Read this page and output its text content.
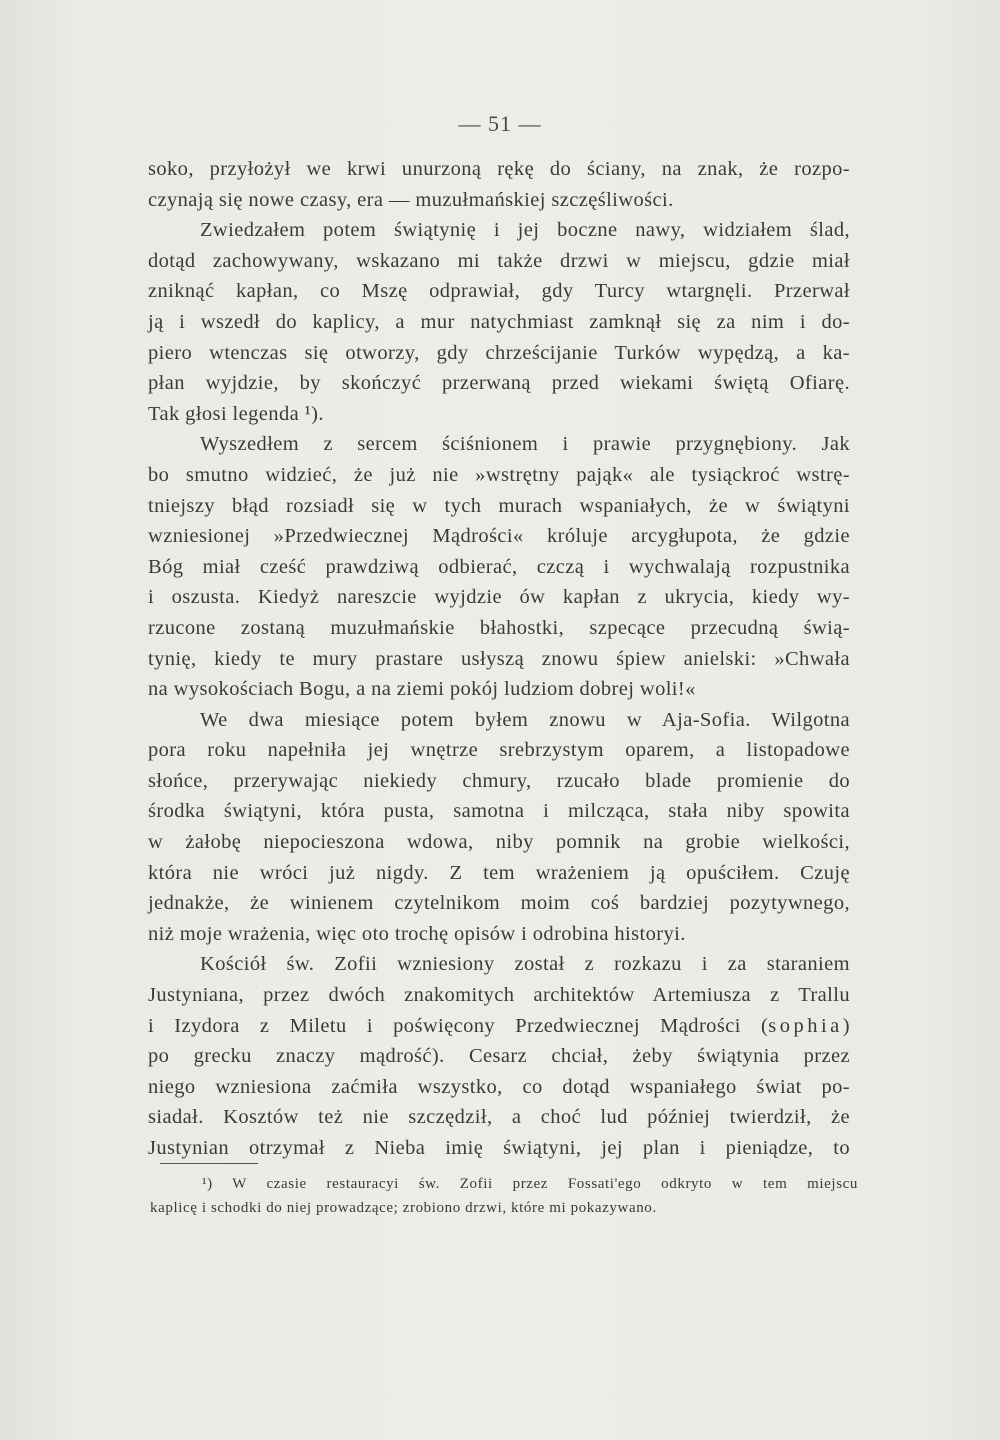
— 51 —
soko, przyłożył we krwi unurzoną rękę do ściany, na znak, że rozpo-
czynają się nowe czasy, era — muzułmańskiej szczęśliwości.
Zwiedzałem potem świątynię i jej boczne nawy, widziałem ślad,
dotąd zachowywany, wskazano mi także drzwi w miejscu, gdzie miał
zniknąć kapłan, co Mszę odprawiał, gdy Turcy wtargnęli. Przerwał
ją i wszedł do kaplicy, a mur natychmiast zamknął się za nim i do-
piero wtenczas się otworzy, gdy chrześcijanie Turków wypędzą, a ka-
płan wyjdzie, by skończyć przerwaną przed wiekami świętą Ofiarę.
Tak głosi legenda ¹).
Wyszedłem z sercem ściśnionem i prawie przygnębiony. Jak
bo smutno widzieć, że już nie »wstrętny pająk« ale tysiąckroć wstrę-
tniejszy błąd rozsiadł się w tych murach wspaniałych, że w świątyni
wzniesionej »Przedwiecznej Mądrości« króluje arcygłupota, że gdzie
Bóg miał cześć prawdziwą odbierać, czczą i wychwalają rozpustnika
i oszusta. Kiedyż nareszcie wyjdzie ów kapłan z ukrycia, kiedy wy-
rzucone zostaną muzułmańskie błahostki, szpecące przecudną świą-
tynię, kiedy te mury prastare usłyszą znowu śpiew anielski: »Chwała
na wysokościach Bogu, a na ziemi pokój ludziom dobrej woli!«
We dwa miesiące potem byłem znowu w Aja-Sofia. Wilgotna
pora roku napełniła jej wnętrze srebrzystym oparem, a listopadowe
słońce, przerywając niekiedy chmury, rzucało blade promienie do
środka świątyni, która pusta, samotna i milcząca, stała niby spowita
w żałobę niepocieszona wdowa, niby pomnik na grobie wielkości,
która nie wróci już nigdy. Z tem wrażeniem ją opuściłem. Czuję
jednakże, że winienem czytelnikom moim coś bardziej pozytywnego,
niż moje wrażenia, więc oto trochę opisów i odrobina historyi.
Kościół św. Zofii wzniesiony został z rozkazu i za staraniem
Justyniana, przez dwóch znakomitych architektów Artemiusza z Trallu
i Izydora z Miletu i poświęcony Przedwiecznej Mądrości (sophia)
po grecku znaczy mądrość). Cesarz chciał, żeby świątynia przez
niego wzniesiona zaćmiła wszystko, co dotąd wspaniałego świat po-
siadał. Kosztów też nie szczędził, a choć lud później twierdził, że
Justynian otrzymał z Nieba imię świątyni, jej plan i pieniądze, to
¹) W czasie restauracyi św. Zofii przez Fossati'ego odkryto w tem miejscu
kaplicę i schodki do niej prowadzące; zrobiono drzwi, które mi pokazywano.
